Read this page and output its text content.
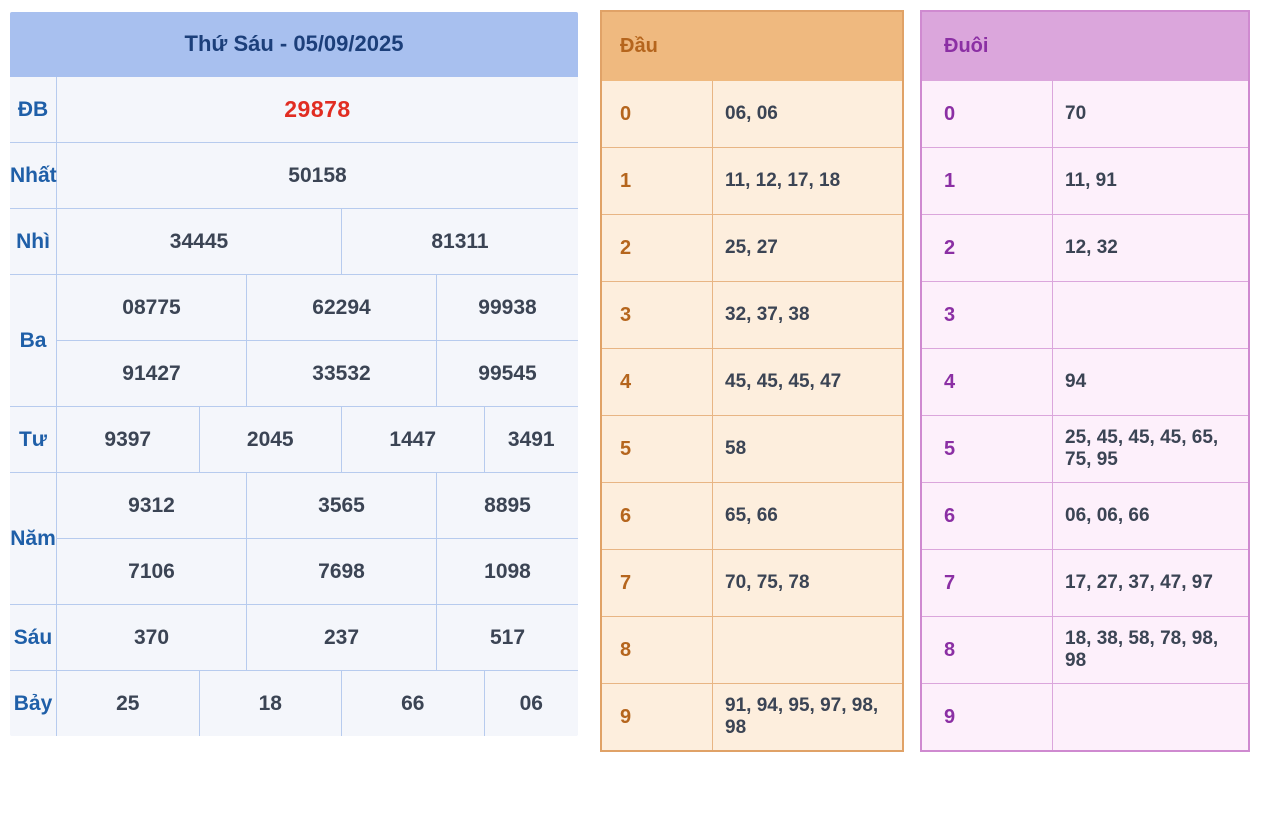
Thứ Sáu - 05/09/2025						
ĐB	29878					
Nhất	50158					
Nhì	34445			81311		
Ba	08775		62294		99938	
	91427		33532		99545	
Tư	9397	2045		1447		3491
Năm	9312		3565		8895	
	7106		7698		1098	
Sáu	370		237		517	
Bảy	25	18		66		06
Đầu	
0	06, 06
1	11, 12, 17, 18
2	25, 27
3	32, 37, 38
4	45, 45, 45, 47
5	58
6	65, 66
7	70, 75, 78
8	
9	91, 94, 95, 97, 98, 98
Đuôi	
0	70
1	11, 91
2	12, 32
3	
4	94
5	25, 45, 45, 45, 65, 75, 95
6	06, 06, 66
7	17, 27, 37, 47, 97
8	18, 38, 58, 78, 98, 98
9	
